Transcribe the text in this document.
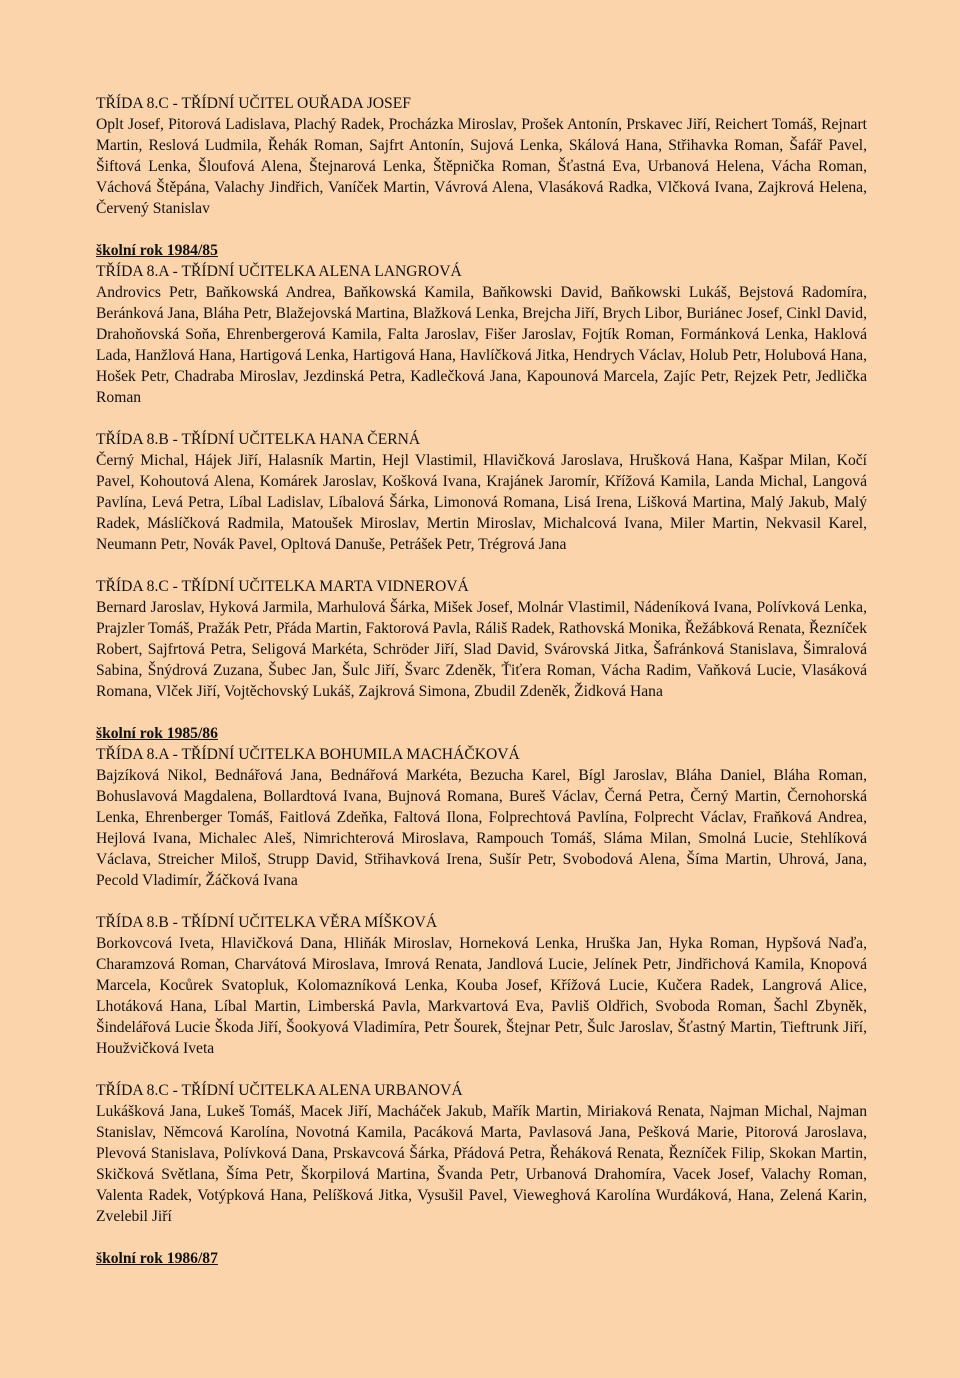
TŘÍDA 8.C - TŘÍDNÍ UČITEL OUŘADA JOSEF

Oplt Josef, Pitorová Ladislava, Plachý Radek, Procházka Miroslav, Prošek Antonín, Prskavec Jiří, Reichert Tomáš, Rejnart Martin, Reslová Ludmila, Řehák Roman, Sajfrt Antonín, Sujová Lenka, Skálová Hana, Střihavka Roman, Šafář Pavel, Šiftová Lenka, Šloufová Alena, Štejnarová Lenka, Štěpnička Roman, Šťastná Eva, Urbanová Helena, Vácha Roman, Váchová Štěpána, Valachy Jindřich, Vaníček Martin, Vávrová Alena, Vlasáková Radka, Vlčková Ivana, Zajkrová Helena, Červený Stanislav

školní rok 1984/85

TŘÍDA 8.A - TŘÍDNÍ UČITELKA ALENA LANGROVÁ

Androvics Petr, Baňkowská Andrea, Baňkowská Kamila, Baňkowski David, Baňkowski Lukáš, Bejstová Radomíra, Beránková Jana, Bláha Petr, Blažejovská Martina, Blažková Lenka, Brejcha Jiří, Brych Libor, Buriánec Josef, Cinkl David, Drahoňovská Soňa, Ehrenbergerová Kamila, Falta Jaroslav, Fišer Jaroslav, Fojtík Roman, Formánková Lenka, Haklová Lada, Hanžlová Hana, Hartigová Lenka, Hartigová Hana, Havlíčková Jitka, Hendrych Václav, Holub Petr, Holubová Hana, Hošek Petr, Chadraba Miroslav, Jezdinská Petra, Kadlečková Jana, Kapounová Marcela, Zajíc Petr, Rejzek Petr, Jedlička Roman

TŘÍDA 8.B - TŘÍDNÍ UČITELKA HANA ČERNÁ

Černý Michal, Hájek Jiří, Halasník Martin, Hejl Vlastimil, Hlavičková Jaroslava, Hrušková Hana, Kašpar Milan, Kočí Pavel, Kohoutová Alena, Komárek Jaroslav, Košková Ivana, Krajánek Jaromír, Křížová Kamila, Landa Michal, Langová Pavlína, Levá Petra, Líbal Ladislav, Líbalová Šárka, Limonová Romana, Lisá Irena, Lišková Martina, Malý Jakub, Malý Radek, Máslíčková Radmila, Matoušek Miroslav, Mertin Miroslav, Michalcová Ivana, Miler Martin, Nekvasil Karel, Neumann Petr, Novák Pavel, Opltová Danuše, Petrášek Petr, Trégrová Jana

TŘÍDA 8.C - TŘÍDNÍ UČITELKA MARTA VIDNEROVÁ

Bernard Jaroslav, Hyková Jarmila, Marhulová Šárka, Mišek Josef, Molnár Vlastimil, Nádeníková Ivana, Polívková Lenka, Prajzler Tomáš, Pražák Petr, Přáda Martin, Faktorová Pavla, Ráliš Radek, Rathovská Monika, Řežábková Renata, Řezníček Robert, Sajfrtová Petra, Seligová Markéta, Schröder Jiří, Slad David, Svárovská Jitka, Šafránková Stanislava, Šimralová Sabina, Šnýdrová Zuzana, Šubec Jan, Šulc Jiří, Švarc Zdeněk, Ťiťera Roman, Vácha Radim, Vaňková Lucie, Vlasáková Romana, Vlček Jiří, Vojtěchovský Lukáš, Zajkrová Simona, Zbudil Zdeněk, Židková Hana

školní rok 1985/86

TŘÍDA 8.A - TŘÍDNÍ UČITELKA BOHUMILA MACHÁČKOVÁ

Bajzíková Nikol, Bednářová Jana, Bednářová Markéta, Bezucha Karel, Bígl Jaroslav, Bláha Daniel, Bláha Roman, Bohuslavová Magdalena, Bollardtová Ivana, Bujnová Romana, Bureš Václav, Černá Petra, Černý Martin, Černohorská Lenka, Ehrenberger Tomáš, Faitlová Zdeňka, Faltová Ilona, Folprechtová Pavlína, Folprecht Václav, Fraňková Andrea, Hejlová Ivana, Michalec Aleš, Nimrichterová Miroslava, Rampouch Tomáš, Sláma Milan, Smolná Lucie, Stehlíková Václava, Streicher Miloš, Strupp David, Střihavková Irena, Sušír Petr, Svobodová Alena, Šíma Martin, Uhrová, Jana, Pecold Vladimír, Žáčková Ivana

TŘÍDA 8.B - TŘÍDNÍ UČITELKA VĚRA MÍŠKOVÁ

Borkovcová Iveta, Hlavičková Dana, Hliňák Miroslav, Horneková Lenka, Hruška Jan, Hyka Roman, Hypšová Naďa, Charamzová Roman, Charvátová Miroslava, Imrová Renata, Jandlová Lucie, Jelínek Petr, Jindřichová Kamila, Knopová Marcela, Kocůrek Svatopluk, Kolomazníková Lenka, Kouba Josef, Křížová Lucie, Kučera Radek, Langrová Alice, Lhotáková Hana, Líbal Martin, Limberská Pavla, Markvartová Eva, Pavliš Oldřich, Svoboda Roman, Šachl Zbyněk, Šindelářová Lucie Škoda Jiří, Šookyová Vladimíra, Petr Šourek, Štejnar Petr, Šulc Jaroslav, Šťastný Martin, Tieftrunk Jiří, Houžvičková Iveta

TŘÍDA 8.C - TŘÍDNÍ UČITELKA ALENA URBANOVÁ

Lukášková Jana, Lukeš Tomáš, Macek Jiří, Macháček Jakub, Mařík Martin, Miriaková Renata, Najman Michal, Najman Stanislav, Němcová Karolína, Novotná Kamila, Pacáková Marta, Pavlasová Jana, Pešková Marie, Pitorová Jaroslava, Plevová Stanislava, Polívková Dana, Prskavcová Šárka, Přádová Petra, Řeháková Renata, Řezníček Filip, Skokan Martin, Skičková Světlana, Šíma Petr, Škorpilová Martina, Švanda Petr, Urbanová Drahomíra, Vacek Josef, Valachy Roman, Valenta Radek, Votýpková Hana, Pelíšková Jitka, Vysušil Pavel, Vieweghová Karolína Wurdáková, Hana, Zelená Karin, Zvelebil Jiří

školní rok 1986/87
